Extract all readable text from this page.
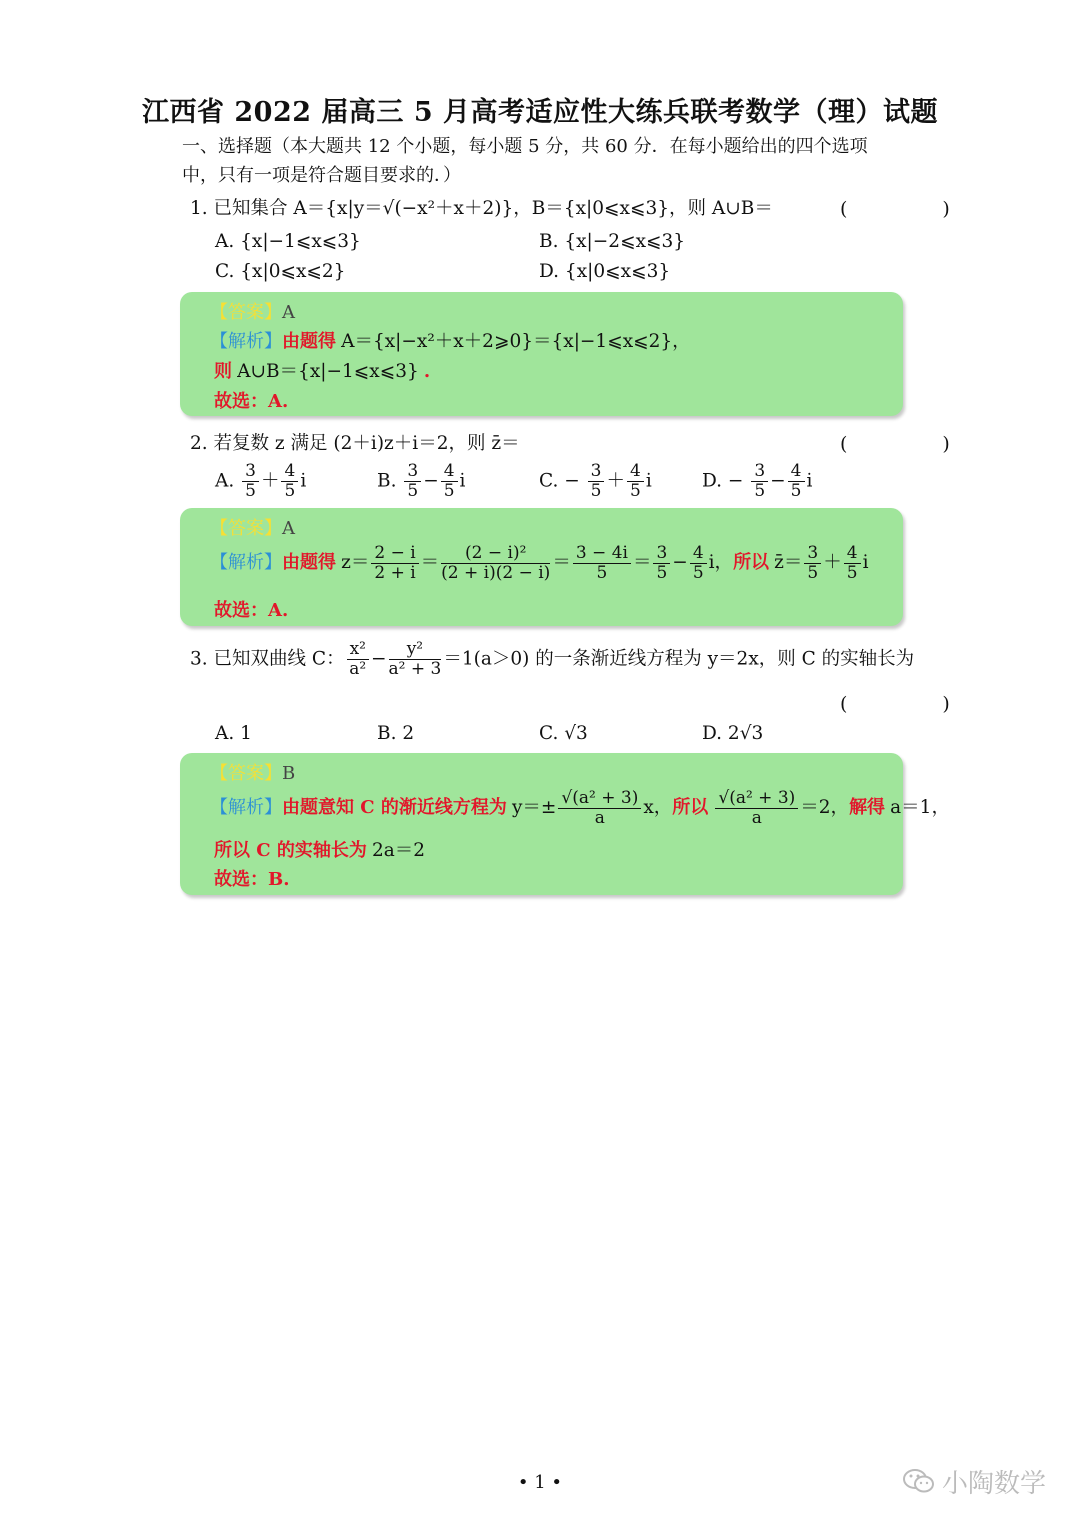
江西省 2022 届高三 5 月高考适应性大练兵联考数学（理）试题
一、选择题（本大题共 12 个小题，每小题 5 分，共 60 分．在每小题给出的四个选项中，只有一项是符合题目要求的．）
1. 已知集合 A＝{x|y＝√(−x²＋x＋2)}，B＝{x|0⩽x⩽3}，则 A∪B＝	(　)
A. {x|−1⩽x⩽3}	B. {x|−2⩽x⩽3}
C. {x|0⩽x⩽2}	D. {x|0⩽x⩽3}
【答案】A
【解析】由题得 A＝{x|−x²＋x＋2⩾0}＝{x|−1⩽x⩽2}，
则 A∪B＝{x|−1⩽x⩽3} .
故选：A.
2. 若复数 z 满足 (2＋i)z＋i＝2，则 z̄＝	(　)
A. $\frac{3}{5} + \frac{4}{5}$ i	B. $\frac{3}{5} - \frac{4}{5}$ i	C. − $\frac{3}{5} + \frac{4}{5}$ i	D. − $\frac{3}{5} - \frac{4}{5}$ i
【答案】A
【解析】由题得 $z= \frac{2 - i}{2 + i} = \frac{\text{(2 − i)²}}{(2 + i)(2 - i)} = \frac{3 - 4i}{5} = \frac{3}{5} - \frac{4}{5}$ i，所以 z̄＝ $\frac{3}{5} + \frac{4}{5}$ i
故选：A.
3. 已知双曲线 C： $\frac{\text{x²}}{\text{a²}} - \frac{\text{y²}}{\text{a² + 3}} =1(a>0)$ 的一条渐近线方程为 y＝2x，则 C 的实轴长为
(　)
A. 1	B. 2	C. √3	D. 2√3
【答案】B
【解析】由题意知 C 的渐近线方程为 $y=\pm \frac{\text{√(a² + 3)}}{a}$ x，所以 $\frac{\text{√(a² + 3)}}{a} =2$，解得 a＝1，
所以 C 的实轴长为 2a＝2
故选：B.
• 1 •	小陶数学
